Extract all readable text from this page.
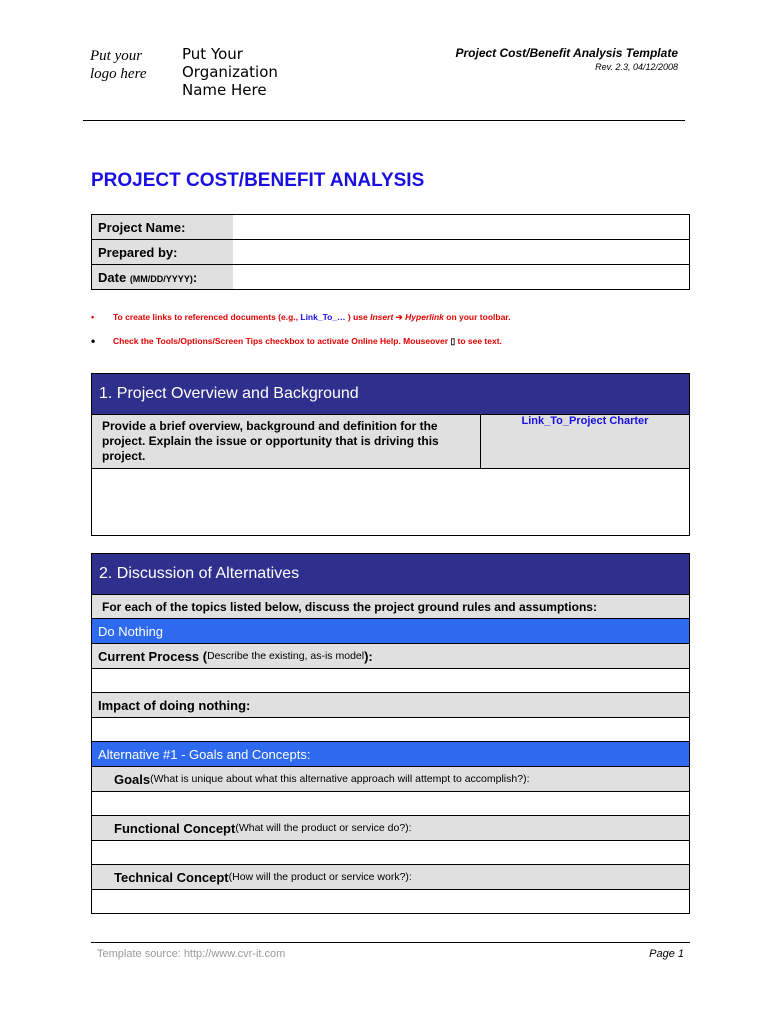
Put your logo here
Put Your
Organization
Name Here
Project Cost/Benefit Analysis Template
Rev. 2.3, 04/12/2008
PROJECT COST/BENEFIT ANALYSIS
Project Name:	
Prepared by:	
Date (MM/DD/YYYY):	
• To create links to referenced documents (e.g., Link_To_… ) use Insert ➔ Hyperlink on your toolbar.
• Check the Tools/Options/Screen Tips checkbox to activate Online Help. Mouseover ▯ to see text.
1. Project Overview and Background
Provide a brief overview, background and definition for the project. Explain the issue or opportunity that is driving this project.
Link_To_Project Charter
2. Discussion of Alternatives
For each of the topics listed below, discuss the project ground rules and assumptions:
Do Nothing
Current Process ( Describe the existing, as-is model ):
Impact of doing nothing:
Alternative #1 - Goals and Concepts:
Goals (What is unique about what this alternative approach will attempt to accomplish?):
Functional Concept (What will the product or service do?):
Technical Concept (How will the product or service work?):
Template source: http://www.cvr-it.com	Page 1
